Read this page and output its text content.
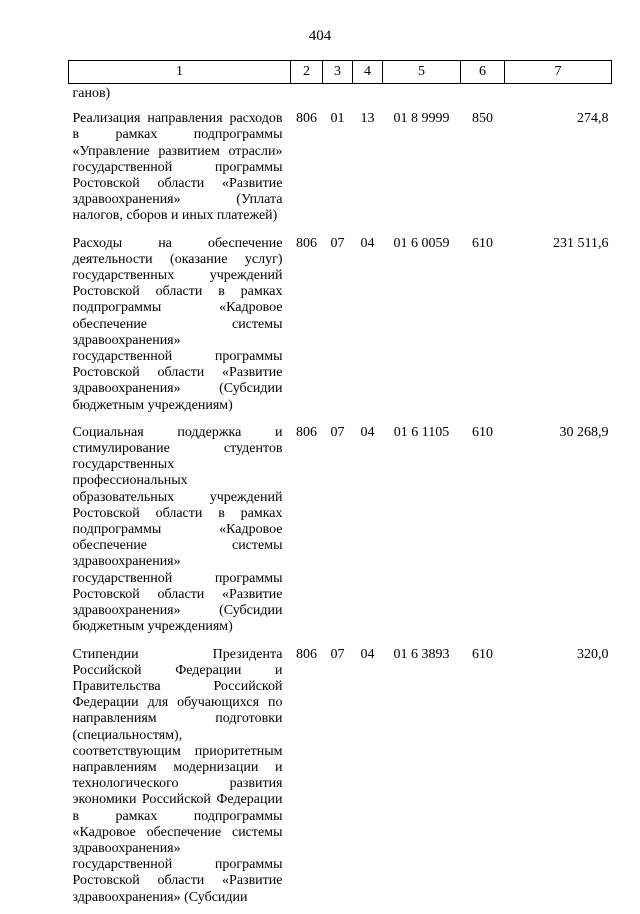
404
1	2	3	4	5	6	7
ганов)						
Реализация направления расходов в рамках подпрограммы «Управление развитием отрасли» государственной программы Ростовской области «Развитие здравоохранения» (Уплата налогов, сборов и иных платежей)	806	01	13	01 8 9999	850	274,8
Расходы на обеспечение деятельности (оказание услуг) государственных учреждений Ростовской области в рамках подпрограммы «Кадровое обеспечение системы здравоохранения» государственной программы Ростовской области «Развитие здравоохранения» (Субсидии бюджетным учреждениям)	806	07	04	01 6 0059	610	231 511,6
Социальная поддержка и стимулирование студентов государственных профессиональных образовательных учреждений Ростовской области в рамках подпрограммы «Кадровое обеспечение системы здравоохранения» государственной программы Ростовской области «Развитие здравоохранения» (Субсидии бюджетным учреждениям)	806	07	04	01 6 1105	610	30 268,9
Стипендии Президента Российской Федерации и Правительства Российской Федерации для обучающихся по направлениям подготовки (специальностям), соответствующим приоритетным направлениям модернизации и технологического развития экономики Российской Федерации в рамках подпрограммы «Кадровое обеспечение системы здравоохранения» государственной программы Ростовской области «Развитие здравоохранения» (Субсидии	806	07	04	01 6 3893	610	320,0
